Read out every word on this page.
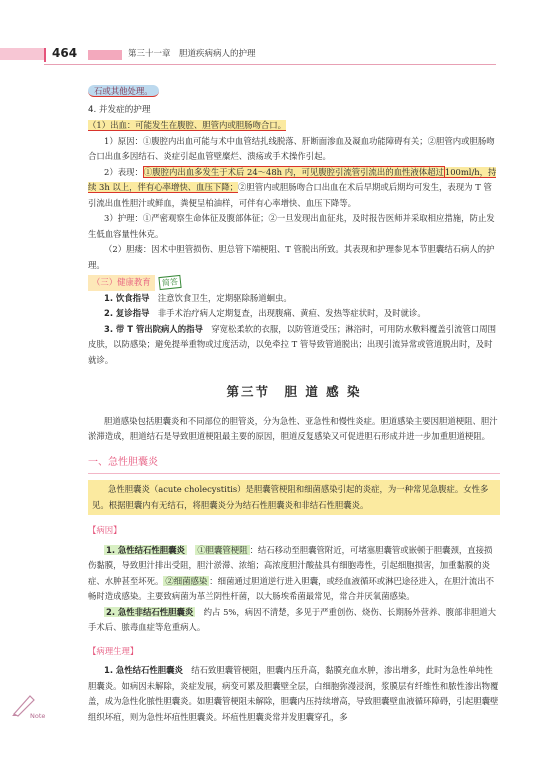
464	第三十一章　胆道疾病病人的护理
石或其他处理。
4. 并发症的护理
（1）出血：可能发生在腹腔、胆管内或胆肠吻合口。

1）原因：①腹腔内出血可能与术中血管结扎线脱落、肝断面渗血及凝血功能障碍有关；②胆管内或胆肠吻合口出血多因结石、炎症引起血管壁糜烂、溃疡或手术操作引起。

2）表现：①腹腔内出血多发生于术后 24～48h 内，可见腹腔引流管引流出的血性液体超过100ml/h，持续 3h 以上，伴有心率增快、血压下降；②胆管内或胆肠吻合口出血在术后早期或后期均可发生，表现为 T 管引流出血性胆汁或鲜血，粪便呈柏油样，可伴有心率增快、血压下降等。

3）护理：①严密观察生命体征及腹部体征；②一旦发现出血征兆，及时报告医师并采取相应措施，防止发生低血容量性休克。

（2）胆瘘：因术中胆管损伤、胆总管下端梗阻、T 管脱出所致。其表现和护理参见本节胆囊结石病人的护理。

（三）健康教育 简答

1. 饮食指导　注意饮食卫生，定期驱除肠道蛔虫。

2. 复诊指导　非手术治疗病人定期复查，出现腹痛、黄疸、发热等症状时，及时就诊。

3. 带 T 管出院病人的指导　穿宽松柔软的衣服，以防管道受压；淋浴时，可用防水敷料覆盖引流管口周围皮肤，以防感染；避免提举重物或过度活动，以免牵拉 T 管导致管道脱出；出现引流异常或管道脱出时，及时就诊。

第三节　胆 道 感 染

胆道感染包括胆囊炎和不同部位的胆管炎，分为急性、亚急性和慢性炎症。胆道感染主要因胆道梗阻、胆汁淤滞造成，胆道结石是导致胆道梗阻最主要的原因，胆道反复感染又可促进胆石形成并进一步加重胆道梗阻。

一、急性胆囊炎

急性胆囊炎（acute cholecystitis）是胆囊管梗阻和细菌感染引起的炎症，为一种常见急腹症。女性多见。根据胆囊内有无结石，将胆囊炎分为结石性胆囊炎和非结石性胆囊炎。

【病因】

1. 急性结石性胆囊炎　 ①胆囊管梗阻 ：结石移动至胆囊管附近，可堵塞胆囊管或嵌顿于胆囊颈，直接损伤黏膜，导致胆汁排出受阻，胆汁淤滞、浓缩；高浓度胆汁酸盐具有细胞毒性，引起细胞损害，加重黏膜的炎症、水肿甚至坏死。 ②细菌感染 ：细菌通过胆道逆行进入胆囊，或经血液循环或淋巴途径进入，在胆汁流出不畅时造成感染。主要致病菌为革兰阴性杆菌，以大肠埃希菌最常见，常合并厌氧菌感染。

2. 急性非结石性胆囊炎　约占 5%，病因不清楚，多见于严重创伤、烧伤、长期肠外营养、腹部非胆道大手术后、脓毒血症等危重病人。

【病理生理】

1. 急性结石性胆囊炎　结石致胆囊管梗阻，胆囊内压升高，黏膜充血水肿，渗出增多，此时为急性单纯性胆囊炎。如病因未解除，炎症发展，病变可累及胆囊壁全层，白细胞弥漫浸润，浆膜层有纤维性和脓性渗出物覆盖，成为急性化脓性胆囊炎。如胆囊管梗阻未解除，胆囊内压持续增高，导致胆囊壁血液循环障碍，引起胆囊壁组织坏疽，则为急性坏疽性胆囊炎。坏疽性胆囊炎常并发胆囊穿孔，多

Note
